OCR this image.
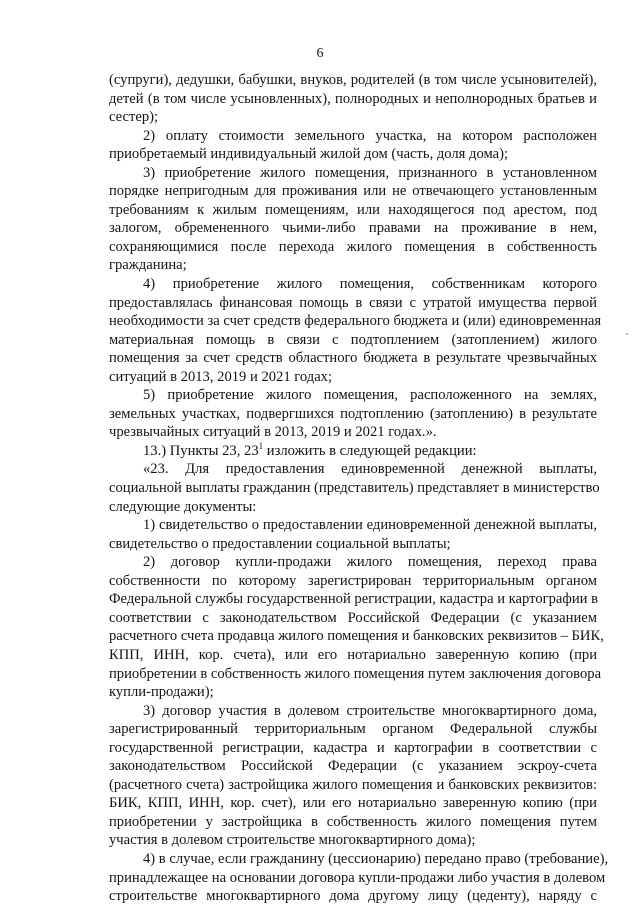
6
(супруги), дедушки, бабушки, внуков, родителей (в том числе усыновителей),
детей (в том числе усыновленных), полнородных и неполнородных братьев и
сестер);
2) оплату стоимости земельного участка, на котором расположен
приобретаемый индивидуальный жилой дом (часть, доля дома);
3) приобретение жилого помещения, признанного в установленном
порядке непригодным для проживания или не отвечающего установленным
требованиям к жилым помещениям, или находящегося под арестом, под
залогом, обремененного чьими-либо правами на проживание в нем,
сохраняющимися после перехода жилого помещения в собственность
гражданина;
4) приобретение жилого помещения, собственникам которого
предоставлялась финансовая помощь в связи с утратой имущества первой
необходимости за счет средств федерального бюджета и (или) единовременная
материальная помощь в связи с подтоплением (затоплением) жилого
помещения за счет средств областного бюджета в результате чрезвычайных
ситуаций в 2013, 2019 и 2021 годах;
5) приобретение жилого помещения, расположенного на землях,
земельных участках, подвергшихся подтоплению (затоплению) в результате
чрезвычайных ситуаций в 2013, 2019 и 2021 годах.».
13.) Пункты 23, $23^1$ изложить в следующей редакции:
«23. Для предоставления единовременной денежной выплаты,
социальной выплаты гражданин (представитель) представляет в министерство
следующие документы:
1) свидетельство о предоставлении единовременной денежной выплаты,
свидетельство о предоставлении социальной выплаты;
2) договор купли-продажи жилого помещения, переход права
собственности по которому зарегистрирован территориальным органом
Федеральной службы государственной регистрации, кадастра и картографии в
соответствии с законодательством Российской Федерации (с указанием
расчетного счета продавца жилого помещения и банковских реквизитов – БИК,
КПП, ИНН, кор. счета), или его нотариально заверенную копию (при
приобретении в собственность жилого помещения путем заключения договора
купли-продажи);
3) договор участия в долевом строительстве многоквартирного дома,
зарегистрированный территориальным органом Федеральной службы
государственной регистрации, кадастра и картографии в соответствии с
законодательством Российской Федерации (с указанием эскроу-счета
(расчетного счета) застройщика жилого помещения и банковских реквизитов:
БИК, КПП, ИНН, кор. счет), или его нотариально заверенную копию (при
приобретении у застройщика в собственность жилого помещения путем
участия в долевом строительстве многоквартирного дома);
4) в случае, если гражданину (цессионарию) передано право (требование),
принадлежащее на основании договора купли-продажи либо участия в долевом
строительстве многоквартирного дома другому лицу (цеденту), наряду с
